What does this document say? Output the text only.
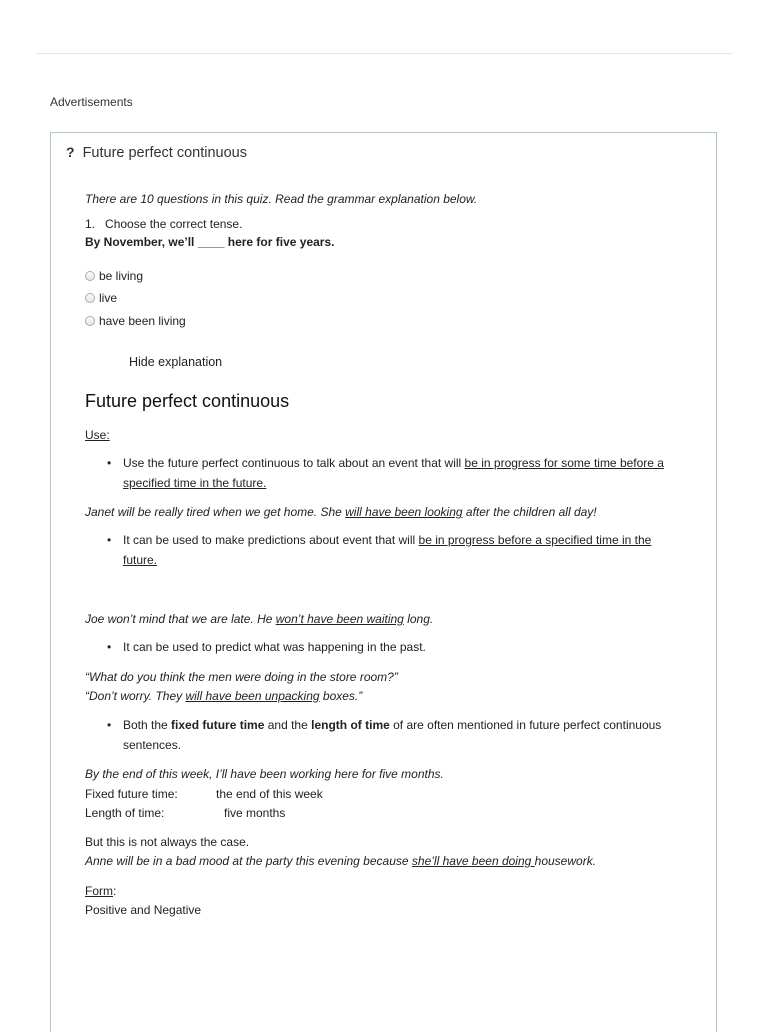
Advertisements
? Future perfect continuous
There are 10 questions in this quiz. Read the grammar explanation below.
1. Choose the correct tense.
By November, we’ll ____ here for five years.
be living
live
have been living
Hide explanation
Future perfect continuous
Use:
• Use the future perfect continuous to talk about an event that will be in progress for some time before a specified time in the future.
Janet will be really tired when we get home. She will have been looking after the children all day!
• It can be used to make predictions about event that will be in progress before a specified time in the future.
Joe won’t mind that we are late. He won’t have been waiting long.
• It can be used to predict what was happening in the past.
“What do you think the men were doing in the store room?”
“Don’t worry. They will have been unpacking boxes.”
• Both the fixed future time and the length of time of are often mentioned in future perfect continuous sentences.
By the end of this week, I’ll have been working here for five months.
Fixed future time:	the end of this week
Length of time:	five months
But this is not always the case.
Anne will be in a bad mood at the party this evening because she’ll have been doing housework.
Form:
Positive and Negative
